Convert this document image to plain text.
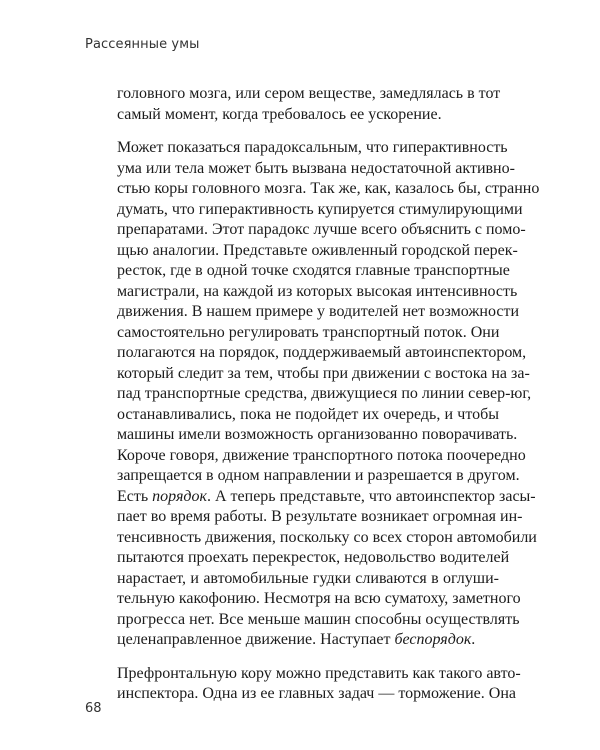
Рассеянные умы
головного мозга, или сером веществе, замедлялась в тот
самый момент, когда требовалось ее ускорение.
Может показаться парадоксальным, что гиперактивность
ума или тела может быть вызвана недостаточной активно-
стью коры головного мозга. Так же, как, казалось бы, странно
думать, что гиперактивность купируется стимулирующими
препаратами. Этот парадокс лучше всего объяснить с помо-
щью аналогии. Представьте оживленный городской перек-
ресток, где в одной точке сходятся главные транспортные
магистрали, на каждой из которых высокая интенсивность
движения. В нашем примере у водителей нет возможности
самостоятельно регулировать транспортный поток. Они
полагаются на порядок, поддерживаемый автоинспектором,
который следит за тем, чтобы при движении с востока на за-
пад транспортные средства, движущиеся по линии север-юг,
останавливались, пока не подойдет их очередь, и чтобы
машины имели возможность организованно поворачивать.
Короче говоря, движение транспортного потока поочередно
запрещается в одном направлении и разрешается в другом.
Есть порядок. А теперь представьте, что автоинспектор засы-
пает во время работы. В результате возникает огромная ин-
тенсивность движения, поскольку со всех сторон автомобили
пытаются проехать перекресток, недовольство водителей
нарастает, и автомобильные гудки сливаются в оглуши-
тельную какофонию. Несмотря на всю суматоху, заметного
прогресса нет. Все меньше машин способны осуществлять
целенаправленное движение. Наступает беспорядок.
Префронтальную кору можно представить как такого авто-
инспектора. Одна из ее главных задач — торможение. Она
68
